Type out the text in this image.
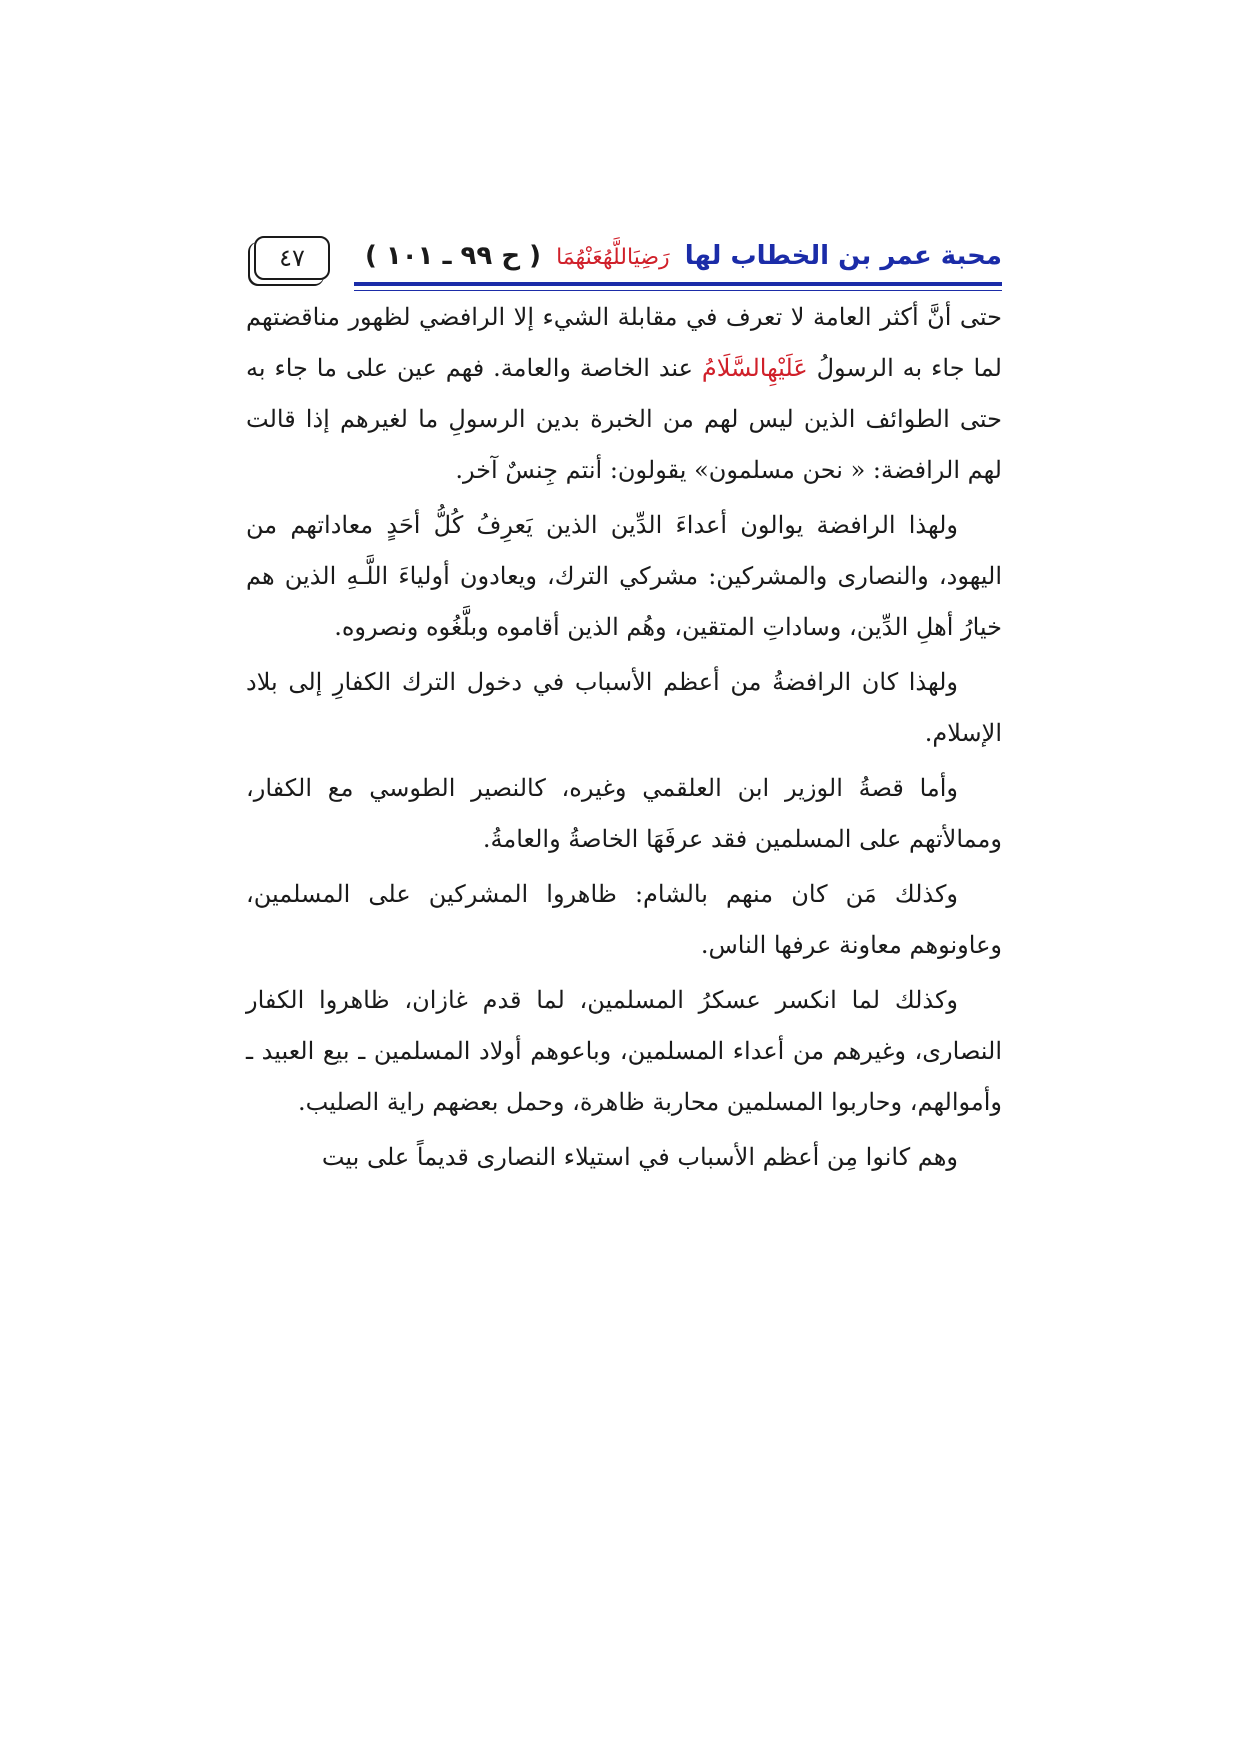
٤٧	محبة عمر بن الخطاب لها رَضِيَاللَّهُعَنْهُمَا ( ح ٩٩ ـ ١٠١ )

حتى أنَّ أكثر العامة لا تعرف في مقابلة الشيء إلا الرافضي لظهور مناقضتهم لما جاء به الرسولُ عَلَيْهِالسَّلَامُ عند الخاصة والعامة. فهم عين على ما جاء به حتى الطوائف الذين ليس لهم من الخبرة بدين الرسولِ ما لغيرهم إذا قالت لهم الرافضة: « نحن مسلمون» يقولون: أنتم جِنسٌ آخر.

ولهذا الرافضة يوالون أعداءَ الدِّين الذين يَعرِفُ كُلُّ أحَدٍ معاداتهم من اليهود، والنصارى والمشركين: مشركي الترك، ويعادون أولياءَ اللَّـهِ الذين هم خيارُ أهلِ الدِّين، وساداتِ المتقين، وهُم الذين أقاموه وبلَّغُوه ونصروه.

ولهذا كان الرافضةُ من أعظم الأسباب في دخول الترك الكفارِ إلى بلاد الإسلام.

وأما قصةُ الوزير ابن العلقمي وغيره، كالنصير الطوسي مع الكفار، وممالأتهم على المسلمين فقد عرفَهَا الخاصةُ والعامةُ.

وكذلك مَن كان منهم بالشام: ظاهروا المشركين على المسلمين، وعاونوهم معاونة عرفها الناس.

وكذلك لما انكسر عسكرُ المسلمين، لما قدم غازان، ظاهروا الكفار النصارى، وغيرهم من أعداء المسلمين، وباعوهم أولاد المسلمين ـ بيع العبيد ـ وأموالهم، وحاربوا المسلمين محاربة ظاهرة، وحمل بعضهم راية الصليب.

وهم كانوا مِن أعظم الأسباب في استيلاء النصارى قديماً على بيت
